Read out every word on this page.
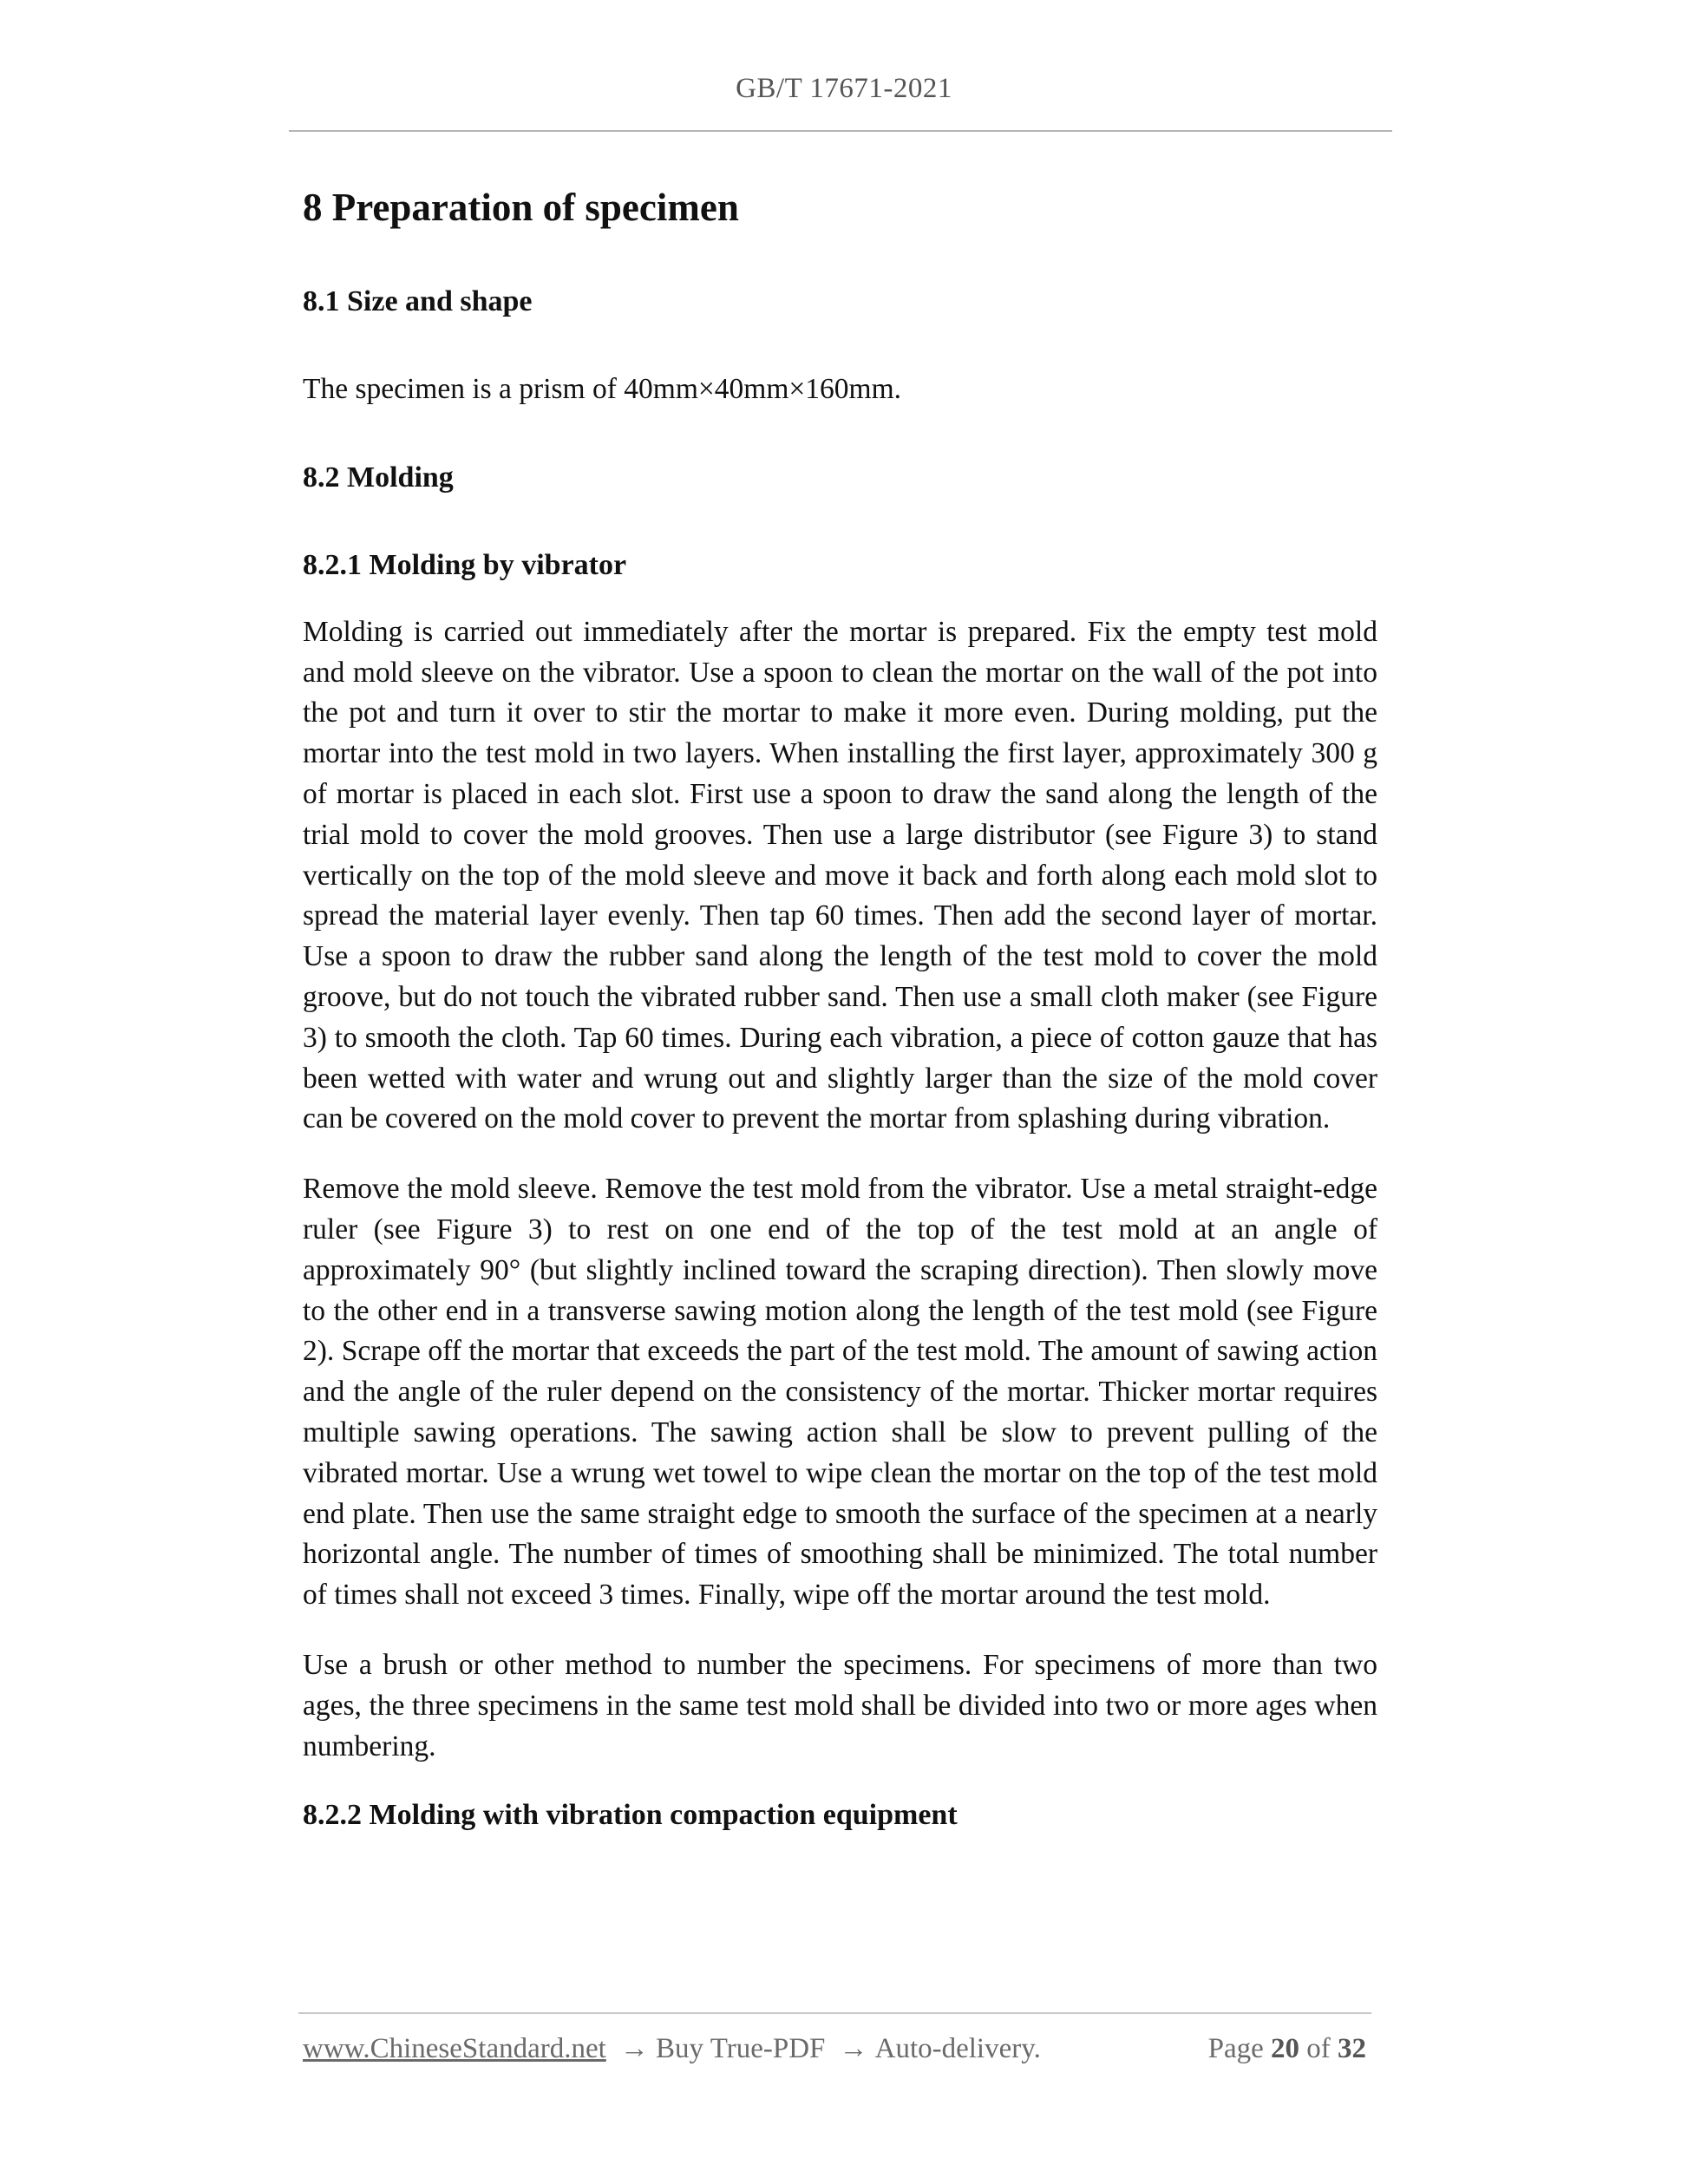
GB/T 17671-2021
8 Preparation of specimen
8.1 Size and shape

The specimen is a prism of 40mm×40mm×160mm.

8.2 Molding
8.2.1 Molding by vibrator

Molding is carried out immediately after the mortar is prepared. Fix the empty test mold and mold sleeve on the vibrator. Use a spoon to clean the mortar on the wall of the pot into the pot and turn it over to stir the mortar to make it more even. During molding, put the mortar into the test mold in two layers. When installing the first layer, approximately 300 g of mortar is placed in each slot. First use a spoon to draw the sand along the length of the trial mold to cover the mold grooves. Then use a large distributor (see Figure 3) to stand vertically on the top of the mold sleeve and move it back and forth along each mold slot to spread the material layer evenly. Then tap 60 times. Then add the second layer of mortar. Use a spoon to draw the rubber sand along the length of the test mold to cover the mold groove, but do not touch the vibrated rubber sand. Then use a small cloth maker (see Figure 3) to smooth the cloth. Tap 60 times. During each vibration, a piece of cotton gauze that has been wetted with water and wrung out and slightly larger than the size of the mold cover can be covered on the mold cover to prevent the mortar from splashing during vibration.

Remove the mold sleeve. Remove the test mold from the vibrator. Use a metal straight-edge ruler (see Figure 3) to rest on one end of the top of the test mold at an angle of approximately 90° (but slightly inclined toward the scraping direction). Then slowly move to the other end in a transverse sawing motion along the length of the test mold (see Figure 2). Scrape off the mortar that exceeds the part of the test mold. The amount of sawing action and the angle of the ruler depend on the consistency of the mortar. Thicker mortar requires multiple sawing operations. The sawing action shall be slow to prevent pulling of the vibrated mortar. Use a wrung wet towel to wipe clean the mortar on the top of the test mold end plate. Then use the same straight edge to smooth the surface of the specimen at a nearly horizontal angle. The number of times of smoothing shall be minimized. The total number of times shall not exceed 3 times. Finally, wipe off the mortar around the test mold.

Use a brush or other method to number the specimens. For specimens of more than two ages, the three specimens in the same test mold shall be divided into two or more ages when numbering.

8.2.2 Molding with vibration compaction equipment
www.ChineseStandard.net → Buy True-PDF → Auto-delivery.	Page 20 of 32
